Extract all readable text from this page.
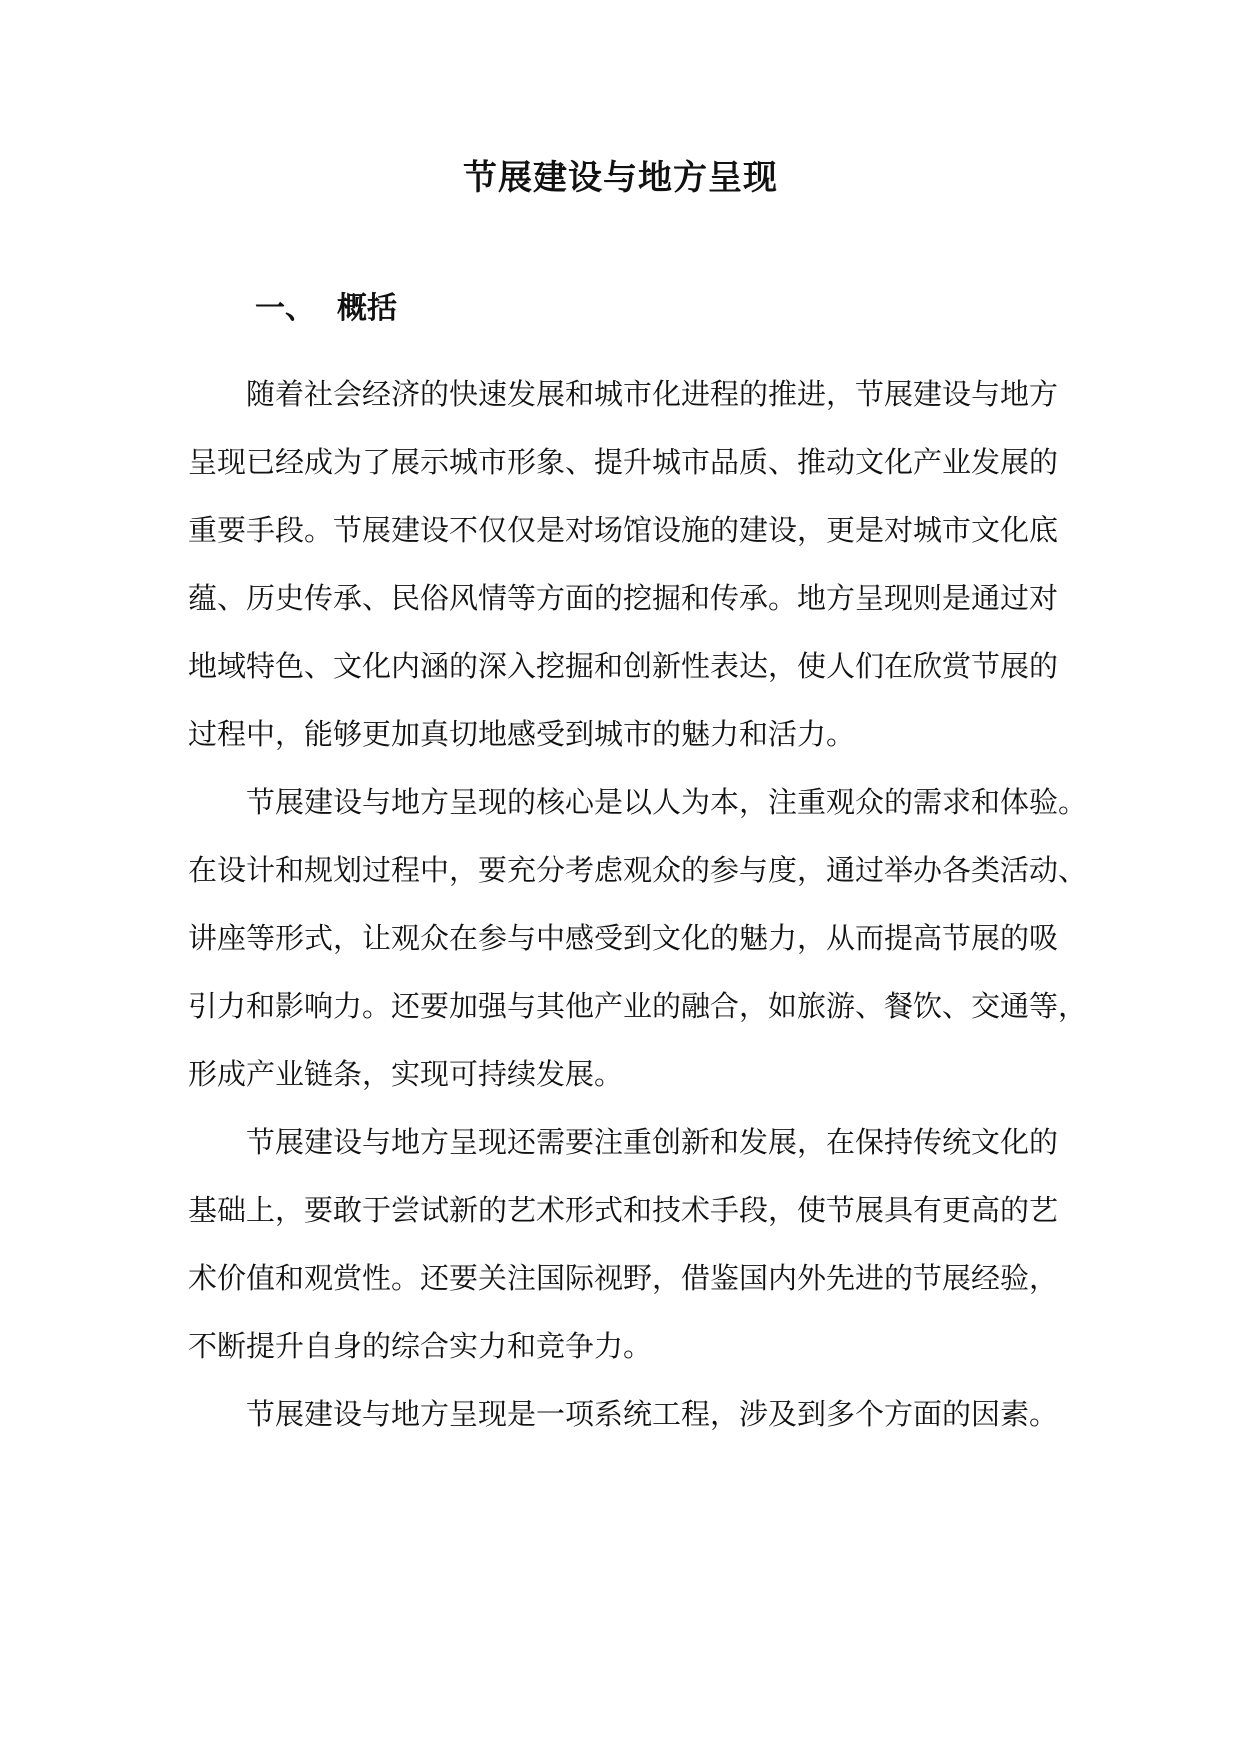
节展建设与地方呈现
一、 概括

随着社会经济的快速发展和城市化进程的推进，节展建设与地方
呈现已经成为了展示城市形象、提升城市品质、推动文化产业发展的
重要手段。节展建设不仅仅是对场馆设施的建设，更是对城市文化底
蕴、历史传承、民俗风情等方面的挖掘和传承。地方呈现则是通过对
地域特色、文化内涵的深入挖掘和创新性表达，使人们在欣赏节展的
过程中，能够更加真切地感受到城市的魅力和活力。

节展建设与地方呈现的核心是以人为本，注重观众的需求和体验。
在设计和规划过程中，要充分考虑观众的参与度，通过举办各类活动、
讲座等形式，让观众在参与中感受到文化的魅力，从而提高节展的吸
引力和影响力。还要加强与其他产业的融合，如旅游、餐饮、交通等，
形成产业链条，实现可持续发展。

节展建设与地方呈现还需要注重创新和发展，在保持传统文化的
基础上，要敢于尝试新的艺术形式和技术手段，使节展具有更高的艺
术价值和观赏性。还要关注国际视野，借鉴国内外先进的节展经验，
不断提升自身的综合实力和竞争力。

节展建设与地方呈现是一项系统工程，涉及到多个方面的因素。
